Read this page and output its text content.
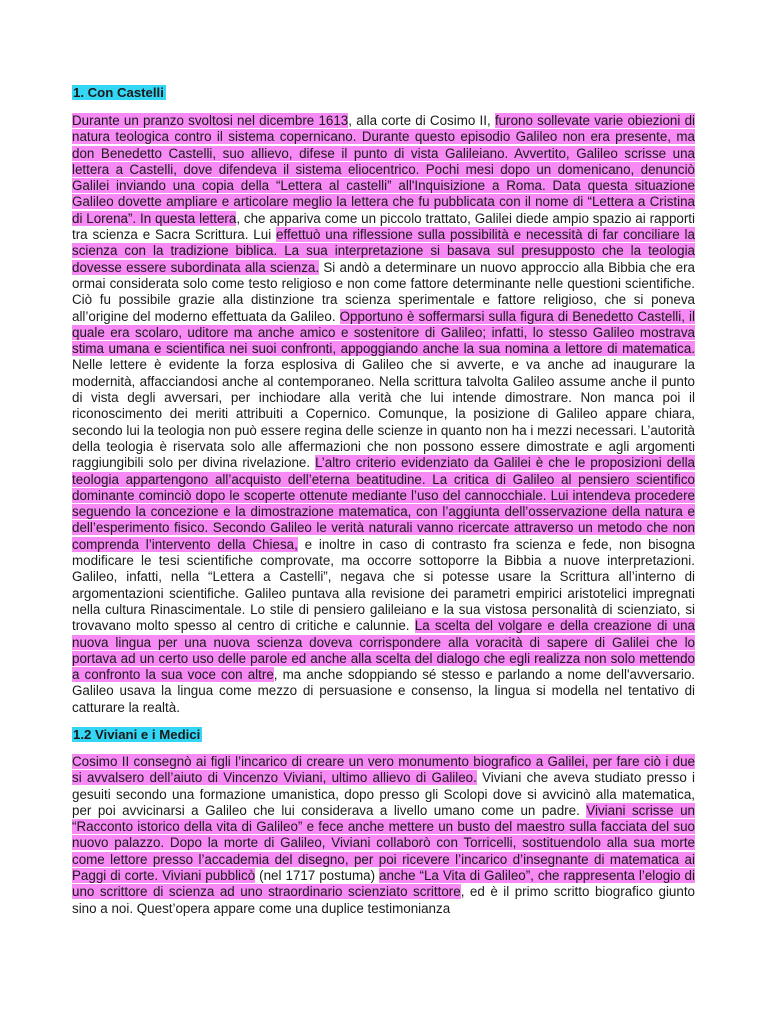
1. Con Castelli

Durante un pranzo svoltosi nel dicembre 1613, alla corte di Cosimo II, furono sollevate varie obiezioni di natura teologica contro il sistema copernicano. Durante questo episodio Galileo non era presente, ma don Benedetto Castelli, suo allievo, difese il punto di vista Galileiano. Avvertito, Galileo scrisse una lettera a Castelli, dove difendeva il sistema eliocentrico. Pochi mesi dopo un domenicano, denunciò Galilei inviando una copia della “Lettera al castelli” all'Inquisizione a Roma. Data questa situazione Galileo dovette ampliare e articolare meglio la lettera che fu pubblicata con il nome di “Lettera a Cristina di Lorena”. In questa lettera, che appariva come un piccolo trattato, Galilei diede ampio spazio ai rapporti tra scienza e Sacra Scrittura. Lui effettuò una riflessione sulla possibilità e necessità di far conciliare la scienza con la tradizione biblica. La sua interpretazione si basava sul presupposto che la teologia dovesse essere subordinata alla scienza. Si andò a determinare un nuovo approccio alla Bibbia che era ormai considerata solo come testo religioso e non come fattore determinante nelle questioni scientifiche. Ciò fu possibile grazie alla distinzione tra scienza sperimentale e fattore religioso, che si poneva all’origine del moderno effettuata da Galileo. Opportuno è soffermarsi sulla figura di Benedetto Castelli, il quale era scolaro, uditore ma anche amico e sostenitore di Galileo; infatti, lo stesso Galileo mostrava stima umana e scientifica nei suoi confronti, appoggiando anche la sua nomina a lettore di matematica. Nelle lettere è evidente la forza esplosiva di Galileo che si avverte, e va anche ad inaugurare la modernità, affacciandosi anche al contemporaneo. Nella scrittura talvolta Galileo assume anche il punto di vista degli avversari, per inchiodare alla verità che lui intende dimostrare. Non manca poi il riconoscimento dei meriti attribuiti a Copernico. Comunque, la posizione di Galileo appare chiara, secondo lui la teologia non può essere regina delle scienze in quanto non ha i mezzi necessari. L’autorità della teologia è riservata solo alle affermazioni che non possono essere dimostrate e agli argomenti raggiungibili solo per divina rivelazione. L’altro criterio evidenziato da Galilei è che le proposizioni della teologia appartengono all’acquisto dell’eterna beatitudine. La critica di Galileo al pensiero scientifico dominante cominciò dopo le scoperte ottenute mediante l’uso del cannocchiale. Lui intendeva procedere seguendo la concezione e la dimostrazione matematica, con l’aggiunta dell’osservazione della natura e dell’esperimento fisico. Secondo Galileo le verità naturali vanno ricercate attraverso un metodo che non comprenda l’intervento della Chiesa, e inoltre in caso di contrasto fra scienza e fede, non bisogna modificare le tesi scientifiche comprovate, ma occorre sottoporre la Bibbia a nuove interpretazioni. Galileo, infatti, nella “Lettera a Castelli”, negava che si potesse usare la Scrittura all’interno di argomentazioni scientifiche. Galileo puntava alla revisione dei parametri empirici aristotelici impregnati nella cultura Rinascimentale. Lo stile di pensiero galileiano e la sua vistosa personalità di scienziato, si trovavano molto spesso al centro di critiche e calunnie. La scelta del volgare e della creazione di una nuova lingua per una nuova scienza doveva corrispondere alla voracità di sapere di Galilei che lo portava ad un certo uso delle parole ed anche alla scelta del dialogo che egli realizza non solo mettendo a confronto la sua voce con altre, ma anche sdoppiando sé stesso e parlando a nome dell'avversario. Galileo usava la lingua come mezzo di persuasione e consenso, la lingua si modella nel tentativo di catturare la realtà.

1.2 Viviani e i Medici

Cosimo II consegnò ai figli l’incarico di creare un vero monumento biografico a Galilei, per fare ciò i due si avvalsero dell’aiuto di Vincenzo Viviani, ultimo allievo di Galileo. Viviani che aveva studiato presso i gesuiti secondo una formazione umanistica, dopo presso gli Scolopi dove si avvicinò alla matematica, per poi avvicinarsi a Galileo che lui considerava a livello umano come un padre. Viviani scrisse un “Racconto istorico della vita di Galileo” e fece anche mettere un busto del maestro sulla facciata del suo nuovo palazzo. Dopo la morte di Galileo, Viviani collaborò con Torricelli, sostituendolo alla sua morte come lettore presso l’accademia del disegno, per poi ricevere l’incarico d’insegnante di matematica ai Paggi di corte. Viviani pubblicò (nel 1717 postuma) anche “La Vita di Galileo”, che rappresenta l’elogio di uno scrittore di scienza ad uno straordinario scienziato scrittore, ed è il primo scritto biografico giunto sino a noi. Quest’opera appare come una duplice testimonianza
